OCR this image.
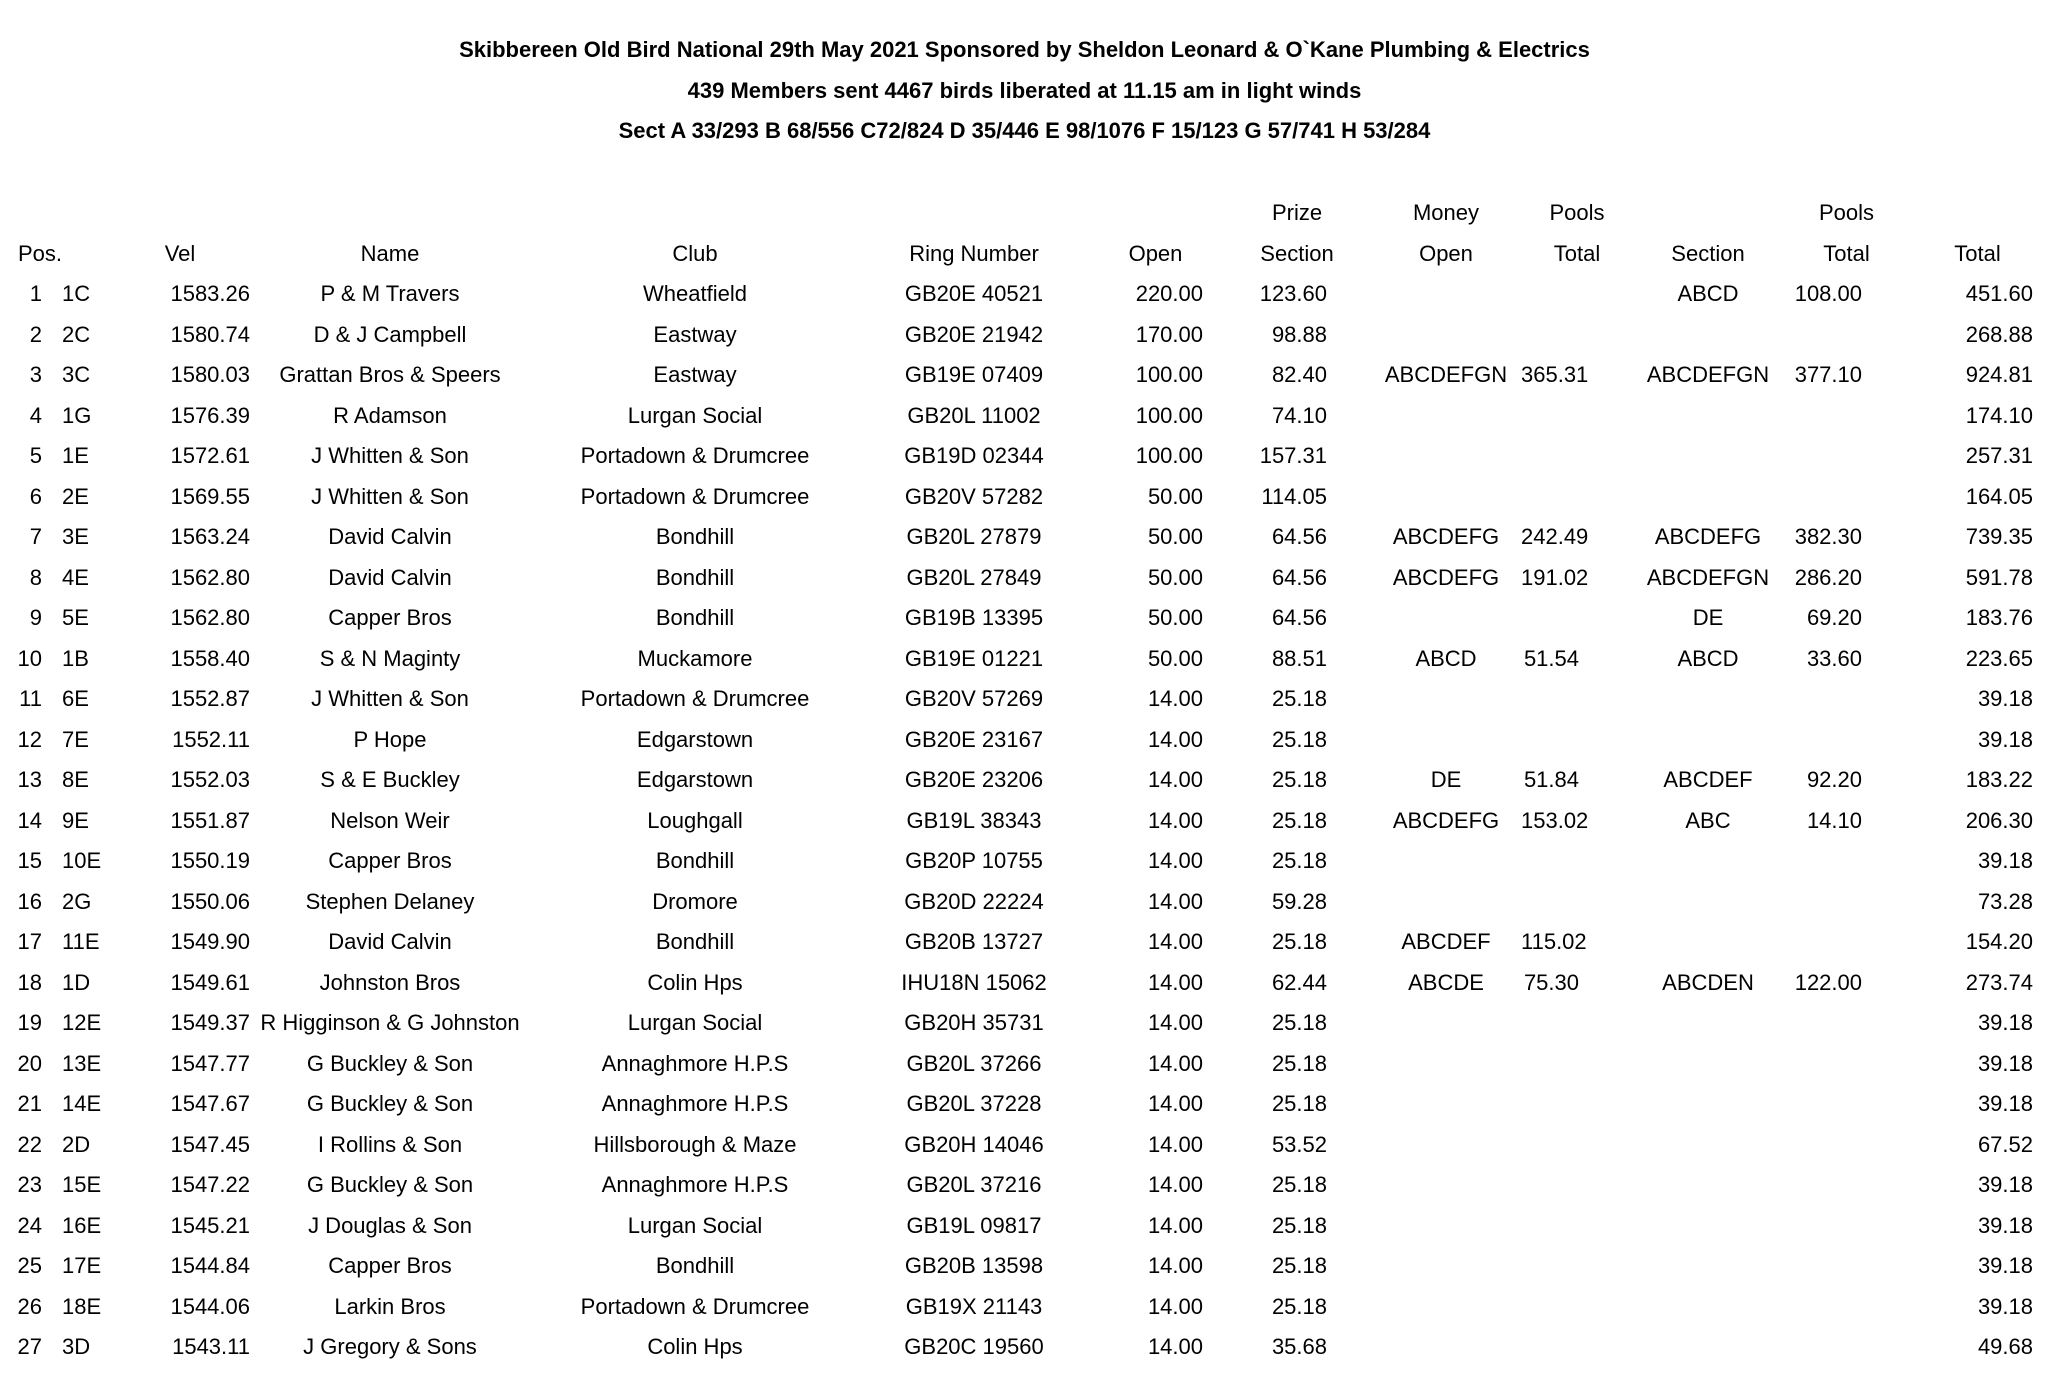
Skibbereen Old Bird National 29th May 2021 Sponsored by Sheldon Leonard & O`Kane Plumbing & Electrics
439 Members sent 4467 birds liberated at 11.15 am in light winds
Sect A 33/293 B 68/556 C72/824 D 35/446 E 98/1076 F 15/123 G 57/741 H 53/284
							Prize	Money	Pools		Pools	
Pos.		Vel	Name	Club	Ring Number	Open	Section	Open	Total	Section	Total	Total
1	1C	1583.26	P & M Travers	Wheatfield	GB20E 40521	220.00	123.60			ABCD	108.00	451.60
2	2C	1580.74	D & J Campbell	Eastway	GB20E 21942	170.00	98.88					268.88
3	3C	1580.03	Grattan Bros & Speers	Eastway	GB19E 07409	100.00	82.40	ABCDEFGN	365.31	ABCDEFGN	377.10	924.81
4	1G	1576.39	R Adamson	Lurgan Social	GB20L 11002	100.00	74.10					174.10
5	1E	1572.61	J Whitten & Son	Portadown & Drumcree	GB19D 02344	100.00	157.31					257.31
6	2E	1569.55	J Whitten & Son	Portadown & Drumcree	GB20V 57282	50.00	114.05					164.05
7	3E	1563.24	David Calvin	Bondhill	GB20L 27879	50.00	64.56	ABCDEFG	242.49	ABCDEFG	382.30	739.35
8	4E	1562.80	David Calvin	Bondhill	GB20L 27849	50.00	64.56	ABCDEFG	191.02	ABCDEFGN	286.20	591.78
9	5E	1562.80	Capper Bros	Bondhill	GB19B 13395	50.00	64.56			DE	69.20	183.76
10	1B	1558.40	S & N Maginty	Muckamore	GB19E 01221	50.00	88.51	ABCD	51.54	ABCD	33.60	223.65
11	6E	1552.87	J Whitten & Son	Portadown & Drumcree	GB20V 57269	14.00	25.18					39.18
12	7E	1552.11	P Hope	Edgarstown	GB20E 23167	14.00	25.18					39.18
13	8E	1552.03	S & E Buckley	Edgarstown	GB20E 23206	14.00	25.18	DE	51.84	ABCDEF	92.20	183.22
14	9E	1551.87	Nelson Weir	Loughgall	GB19L 38343	14.00	25.18	ABCDEFG	153.02	ABC	14.10	206.30
15	10E	1550.19	Capper Bros	Bondhill	GB20P 10755	14.00	25.18					39.18
16	2G	1550.06	Stephen Delaney	Dromore	GB20D 22224	14.00	59.28					73.28
17	11E	1549.90	David Calvin	Bondhill	GB20B 13727	14.00	25.18	ABCDEF	115.02			154.20
18	1D	1549.61	Johnston Bros	Colin Hps	IHU18N 15062	14.00	62.44	ABCDE	75.30	ABCDEN	122.00	273.74
19	12E	1549.37	R Higginson & G Johnston	Lurgan Social	GB20H 35731	14.00	25.18					39.18
20	13E	1547.77	G Buckley & Son	Annaghmore H.P.S	GB20L 37266	14.00	25.18					39.18
21	14E	1547.67	G Buckley & Son	Annaghmore H.P.S	GB20L 37228	14.00	25.18					39.18
22	2D	1547.45	I Rollins & Son	Hillsborough & Maze	GB20H 14046	14.00	53.52					67.52
23	15E	1547.22	G Buckley & Son	Annaghmore H.P.S	GB20L 37216	14.00	25.18					39.18
24	16E	1545.21	J Douglas & Son	Lurgan Social	GB19L 09817	14.00	25.18					39.18
25	17E	1544.84	Capper Bros	Bondhill	GB20B 13598	14.00	25.18					39.18
26	18E	1544.06	Larkin Bros	Portadown & Drumcree	GB19X 21143	14.00	25.18					39.18
27	3D	1543.11	J Gregory & Sons	Colin Hps	GB20C 19560	14.00	35.68					49.68
